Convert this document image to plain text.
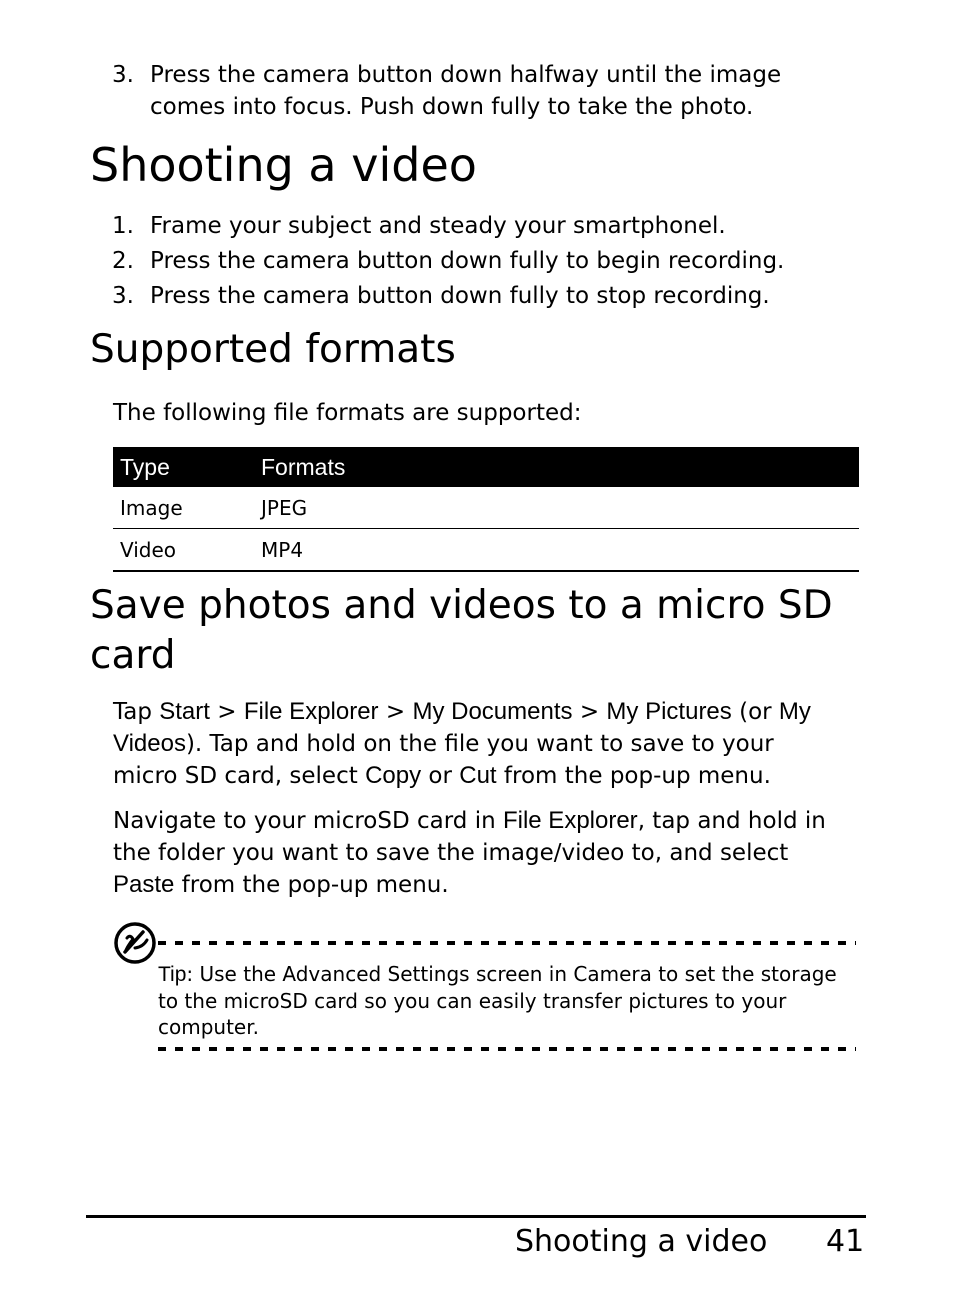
3. Press the camera button down halfway until the image
comes into focus. Push down fully to take the photo.
Shooting a video
1. Frame your subject and steady your smartphonel.
2. Press the camera button down fully to begin recording.
3. Press the camera button down fully to stop recording.
Supported formats
The following file formats are supported:
Type	Formats
Image	JPEG
Video	MP4
Save photos and videos to a micro SD
card
Tap Start > File Explorer > My Documents > My Pictures (or My
Videos). Tap and hold on the file you want to save to your
micro SD card, select Copy or Cut from the pop-up menu.
Navigate to your microSD card in File Explorer, tap and hold in
the folder you want to save the image/video to, and select
Paste from the pop-up menu.
Tip: Use the Advanced Settings screen in Camera to set the storage
to the microSD card so you can easily transfer pictures to your
computer.
Shooting a video 41
